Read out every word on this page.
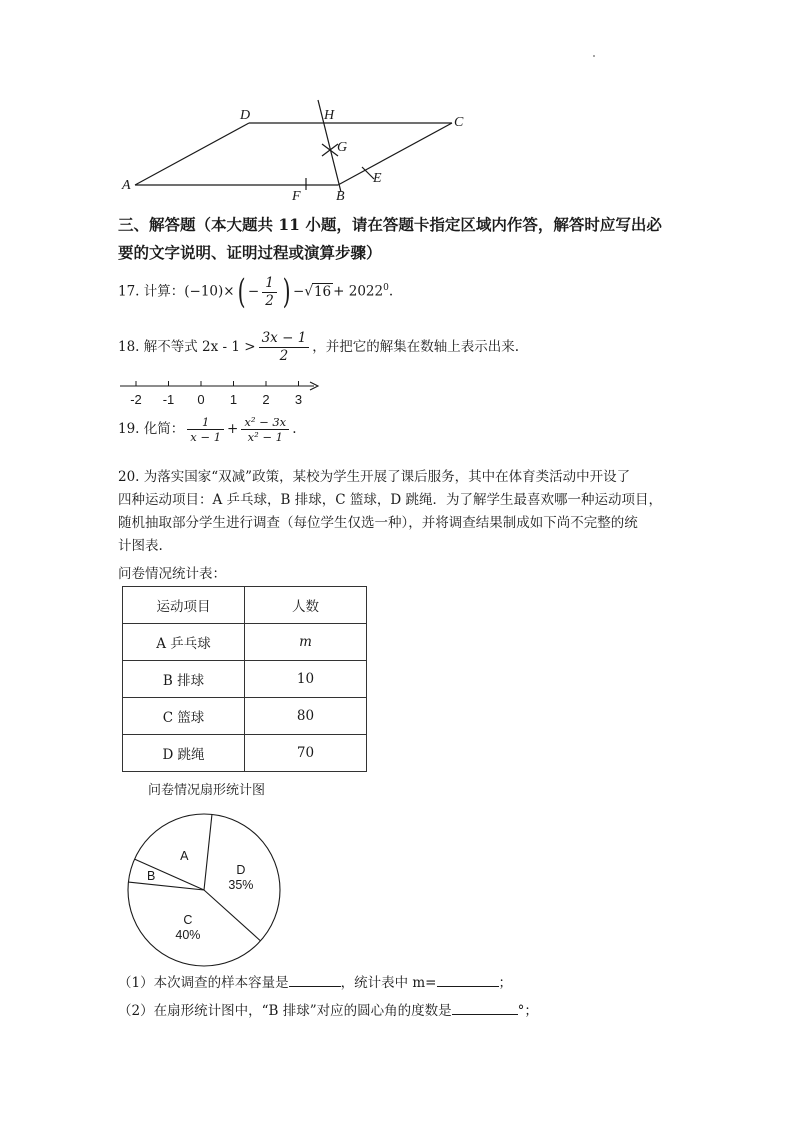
D	H	C
G
E
A
F	B
三、解答题（本大题共 11 小题，请在答题卡指定区域内作答，解答时应写出必
要的文字说明、证明过程或演算步骤）
17. 计算：$(-10)\times( - \frac{1}{2}$ ) $-√16 + 2022^0$.
18. 解不等式 $2x - 1 > \frac{3x - 1}{2}$ ，并把它的解集在数轴上表示出来.
-2 -1 0 1 2 3
19. 化简： $\frac{1}{x - 1} + \frac{\text{x² − 3x}}{\text{x² − 1}}$ .
20. 为落实国家“双减”政策，某校为学生开展了课后服务，其中在体育类活动中开设了
四种运动项目：A 乒乓球，B 排球，C 篮球，D 跳绳．为了解学生最喜欢哪一种运动项目，
随机抽取部分学生进行调查（每位学生仅选一种），并将调查结果制成如下尚不完整的统
计图表.
问卷情况统计表：
运动项目	人数
A 乒乓球	m
B 排球	10
C 篮球	80
D 跳绳	70
问卷情况扇形统计图
D
35%
C
40%
B
A
（1）本次调查的样本容量是	，统计表中 m=	；
（2）在扇形统计图中，“B 排球”对应的圆心角的度数是	°；
